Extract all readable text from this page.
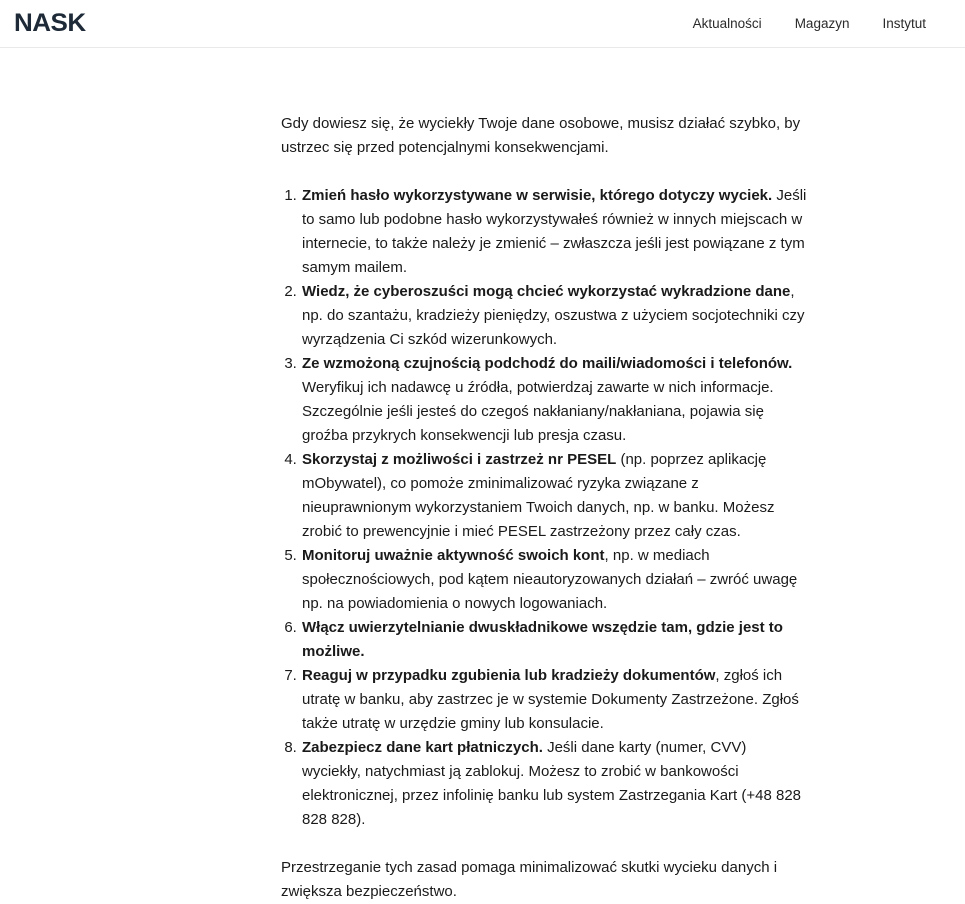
NASK	Aktualności Magazyn Instytut

Gdy dowiesz się, że wyciekły Twoje dane osobowe, musisz działać szybko, by ustrzec się przed potencjalnymi konsekwencjami.

1. Zmień hasło wykorzystywane w serwisie, którego dotyczy wyciek. Jeśli to samo lub podobne hasło wykorzystywałeś również w innych miejscach w internecie, to także należy je zmienić – zwłaszcza jeśli jest powiązane z tym samym mailem.
2. Wiedz, że cyberoszuści mogą chcieć wykorzystać wykradzione dane, np. do szantażu, kradzieży pieniędzy, oszustwa z użyciem socjotechniki czy wyrządzenia Ci szkód wizerunkowych.
3. Ze wzmożoną czujnością podchodź do maili/wiadomości i telefonów. Weryfikuj ich nadawcę u źródła, potwierdzaj zawarte w nich informacje. Szczególnie jeśli jesteś do czegoś nakłaniany/nakłaniana, pojawia się groźba przykrych konsekwencji lub presja czasu.
4. Skorzystaj z możliwości i zastrzeż nr PESEL (np. poprzez aplikację mObywatel), co pomoże zminimalizować ryzyka związane z nieuprawnionym wykorzystaniem Twoich danych, np. w banku. Możesz zrobić to prewencyjnie i mieć PESEL zastrzeżony przez cały czas.
5. Monitoruj uważnie aktywność swoich kont, np. w mediach społecznościowych, pod kątem nieautoryzowanych działań – zwróć uwagę np. na powiadomienia o nowych logowaniach.
6. Włącz uwierzytelnianie dwuskładnikowe wszędzie tam, gdzie jest to możliwe.
7. Reaguj w przypadku zgubienia lub kradzieży dokumentów, zgłoś ich utratę w banku, aby zastrzec je w systemie Dokumenty Zastrzeżone. Zgłoś także utratę w urzędzie gminy lub konsulacie.
8. Zabezpiecz dane kart płatniczych. Jeśli dane karty (numer, CVV) wyciekły, natychmiast ją zablokuj. Możesz to zrobić w bankowości elektronicznej, przez infolinię banku lub system Zastrzegania Kart (+48 828 828 828).

Przestrzeganie tych zasad pomaga minimalizować skutki wycieku danych i zwiększa bezpieczeństwo.
